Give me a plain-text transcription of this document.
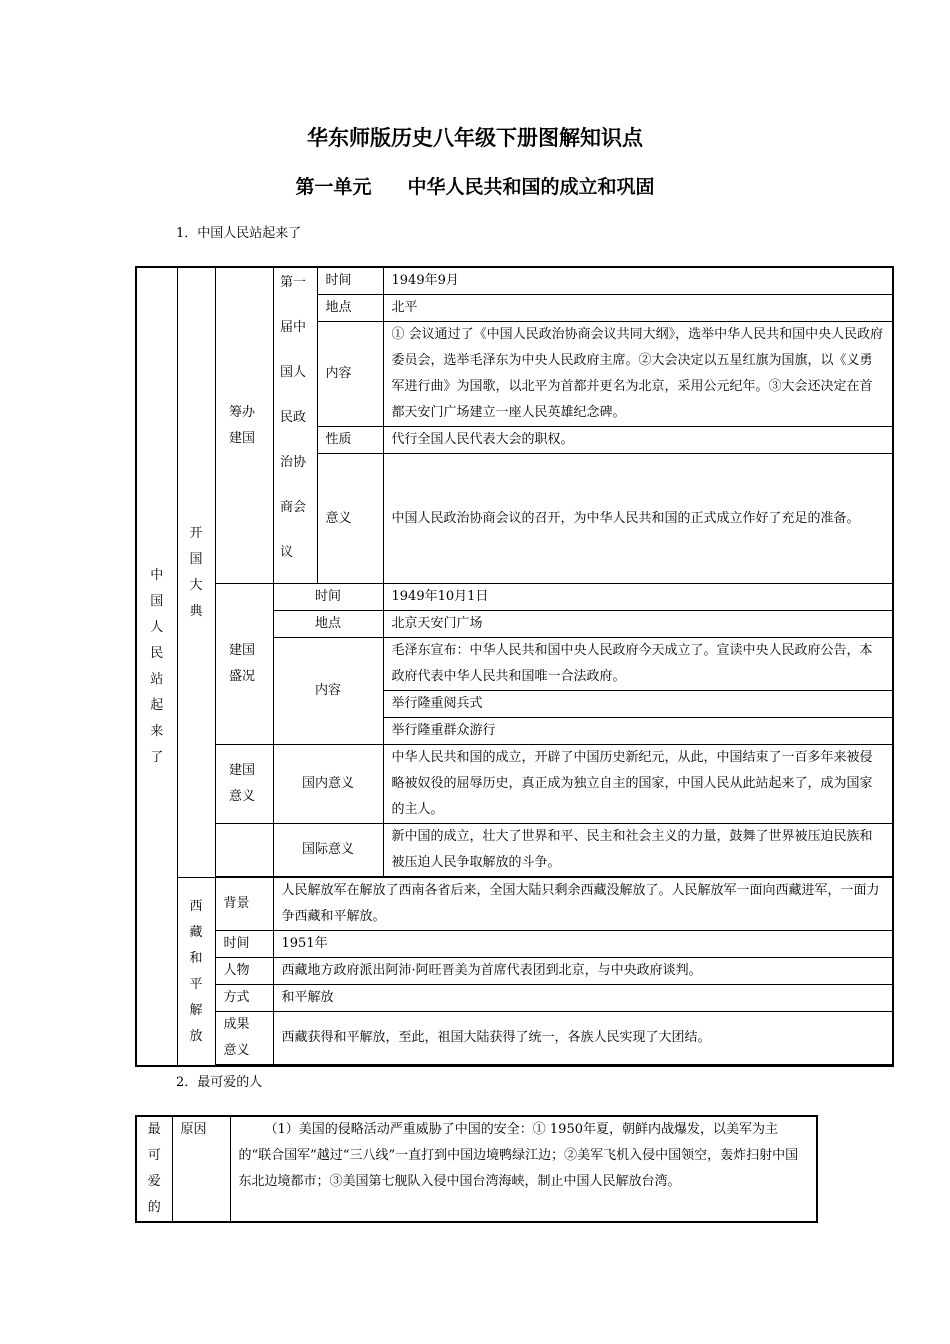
华东师版历史八年级下册图解知识点
第一单元 中华人民共和国的成立和巩固
1．中国人民站起来了
中国人民站起来了	开国大典	筹办建国	第一届中国人民政治协商会议	时间	1949年9月
				地点	北平
				内容	① 会议通过了《中国人民政治协商会议共同大纲》，选举中华人民共和国中央人民政府委员会，选举毛泽东为中央人民政府主席。②大会决定以五星红旗为国旗，以《义勇军进行曲》为国歌，以北平为首都并更名为北京，采用公元纪年。③大会还决定在首都天安门广场建立一座人民英雄纪念碑。
				性质	代行全国人民代表大会的职权。
				意义	中国人民政治协商会议的召开，为中华人民共和国的正式成立作好了充足的准备。
		建国盛况	时间		1949年10月1日
			地点		北京天安门广场
			内容		毛泽东宣布：中华人民共和国中央人民政府今天成立了。宣读中央人民政府公告，本政府代表中华人民共和国唯一合法政府。
					举行隆重阅兵式
					举行隆重群众游行
		建国意义	国内意义		中华人民共和国的成立，开辟了中国历史新纪元，从此，中国结束了一百多年来被侵略被奴役的屈辱历史，真正成为独立自主的国家，中国人民从此站起来了，成为国家的主人。
			国际意义		新中国的成立，壮大了世界和平、民主和社会主义的力量，鼓舞了世界被压迫民族和被压迫人民争取解放的斗争。

	西藏和平解放	背景	人民解放军在解放了西南各省后来，全国大陆只剩余西藏没解放了。人民解放军一面向西藏进军，一面力争西藏和平解放。		
		时间	1951年		
		人物	西藏地方政府派出阿沛·阿旺晋美为首席代表团到北京，与中央政府谈判。		
		方式	和平解放		
		成果意义	西藏获得和平解放，至此，祖国大陆获得了统一，各族人民实现了大团结。		

2．最可爱的人
最可爱的	原因	（1）美国的侵略活动严重威胁了中国的安全：① 1950年夏，朝鲜内战爆发，以美军为主的“联合国军”越过“三八线”一直打到中国边境鸭绿江边；②美军飞机入侵中国领空，轰炸扫射中国东北边境都市；③美国第七舰队入侵中国台湾海峡，制止中国人民解放台湾。
